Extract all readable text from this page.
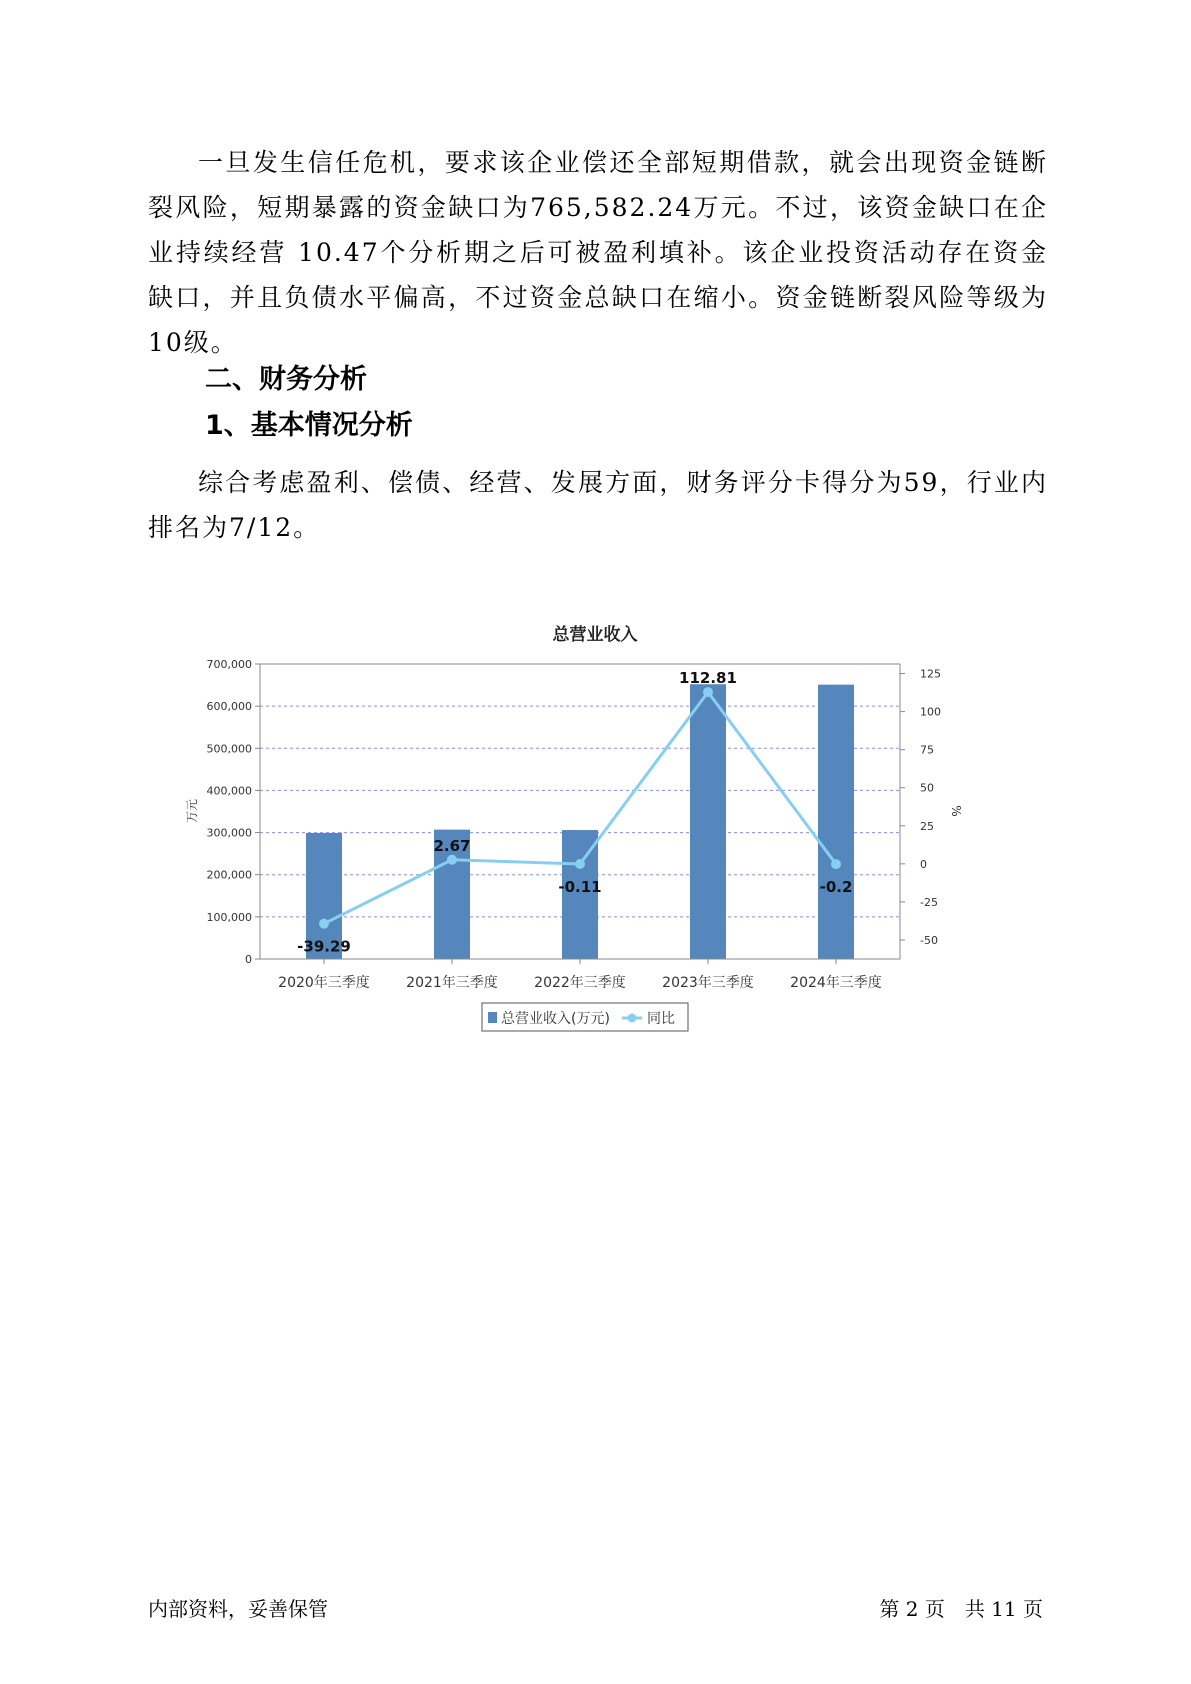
一旦发生信任危机，要求该企业偿还全部短期借款，就会出现资金链断裂风险，短期暴露的资金缺口为765,582.24万元。不过，该资金缺口在企业持续经营 10.47个分析期之后可被盈利填补。该企业投资活动存在资金缺口，并且负债水平偏高，不过资金总缺口在缩小。资金链断裂风险等级为10级。

二、财务分析
1、基本情况分析

综合考虑盈利、偿债、经营、发展方面，财务评分卡得分为59，行业内排名为7/12。

总营业收入
0
100,000
200,000
300,000
400,000
500,000
600,000
700,000
-50
-25
0
25
50
75
100
125
2020年三季度	2021年三季度	2022年三季度	2023年三季度	2024年三季度
-39.29
2.67
-0.11
112.81
-0.2
万元	%
总营业收入(万元)	同比
内部资料，妥善保管	第 2 页　共 11 页
